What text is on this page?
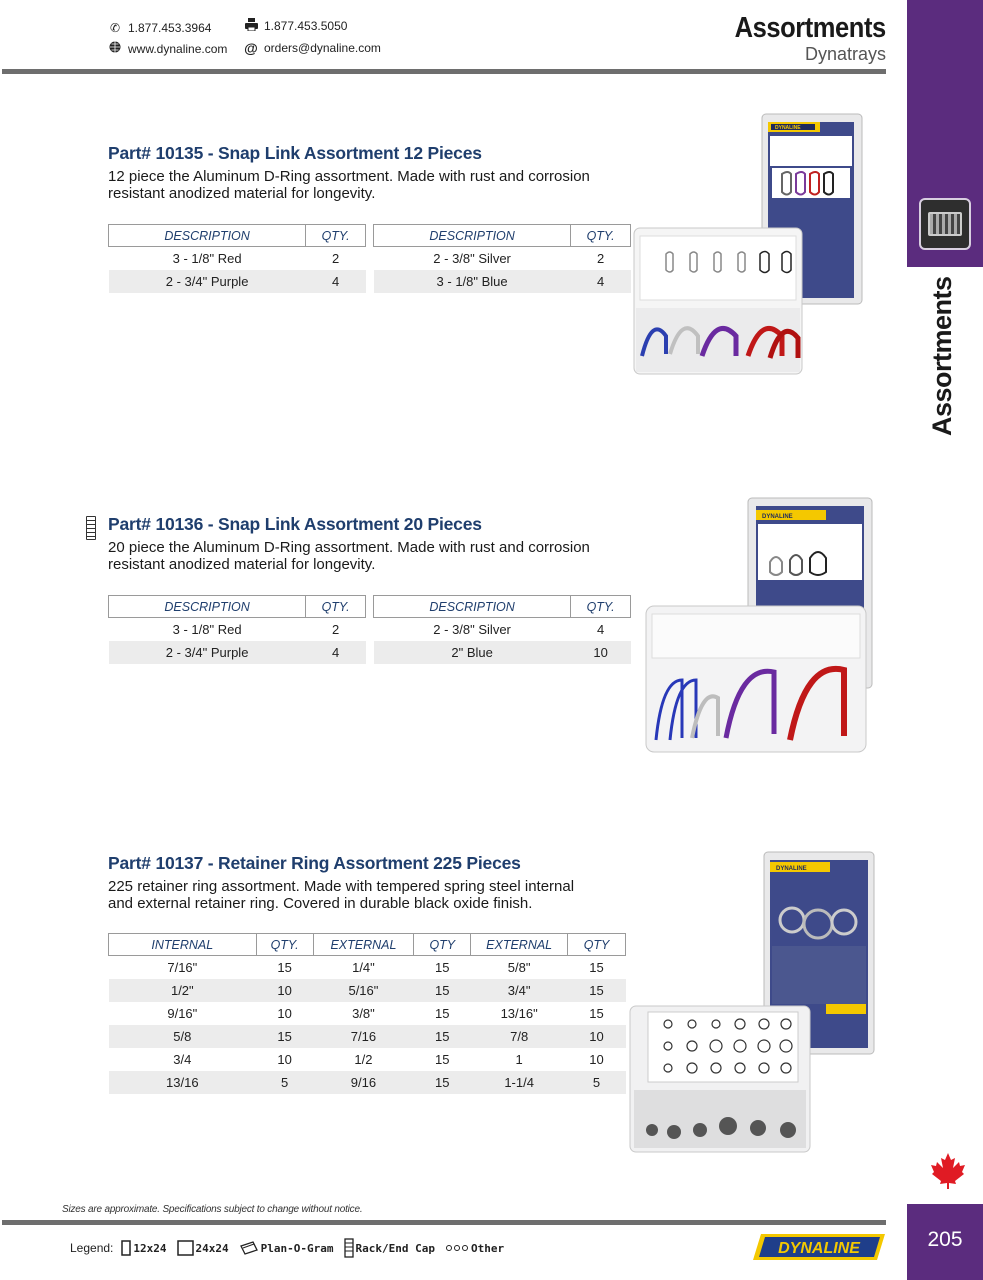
✆ 1.877.453.3964	1.877.453.5050
www.dynaline.com @ orders@dynaline.com
Assortments
Dynatrays
Assortments
205
Part# 10135 - Snap Link Assortment 12 Pieces
12 piece the Aluminum D-Ring assortment. Made with rust and corrosion
resistant anodized material for longevity.
DESCRIPTION	QTY.
3 - 1/8" Red	2
2 - 3/4" Purple	4
DESCRIPTION	QTY.
2 - 3/8" Silver	2
3 - 1/8" Blue	4
DYNALINE
Part# 10136 - Snap Link Assortment 20 Pieces
20 piece the Aluminum D-Ring assortment. Made with rust and corrosion
resistant anodized material for longevity.
DESCRIPTION	QTY.
3 - 1/8" Red	2
2 - 3/4" Purple	4
DESCRIPTION	QTY.
2 - 3/8" Silver	4
2" Blue	10
DYNALINE
Part# 10137 - Retainer Ring Assortment 225 Pieces
225 retainer ring assortment. Made with tempered spring steel internal
and external retainer ring. Covered in durable black oxide finish.
INTERNAL	QTY.	EXTERNAL	QTY	EXTERNAL	QTY
7/16"	15	1/4"	15	5/8"	15
1/2"	10	5/16"	15	3/4"	15
9/16"	10	3/8"	15	13/16"	15
5/8	15	7/16	15	7/8	10
3/4	10	1/2	15	1	10
13/16	5	9/16	15	1-1/4	5
DYNALINE
Sizes are approximate. Specifications subject to change without notice.
Legend: 12x24	24x24	Plan-O-Gram Rack/End Cap	Other	DYNALINE
